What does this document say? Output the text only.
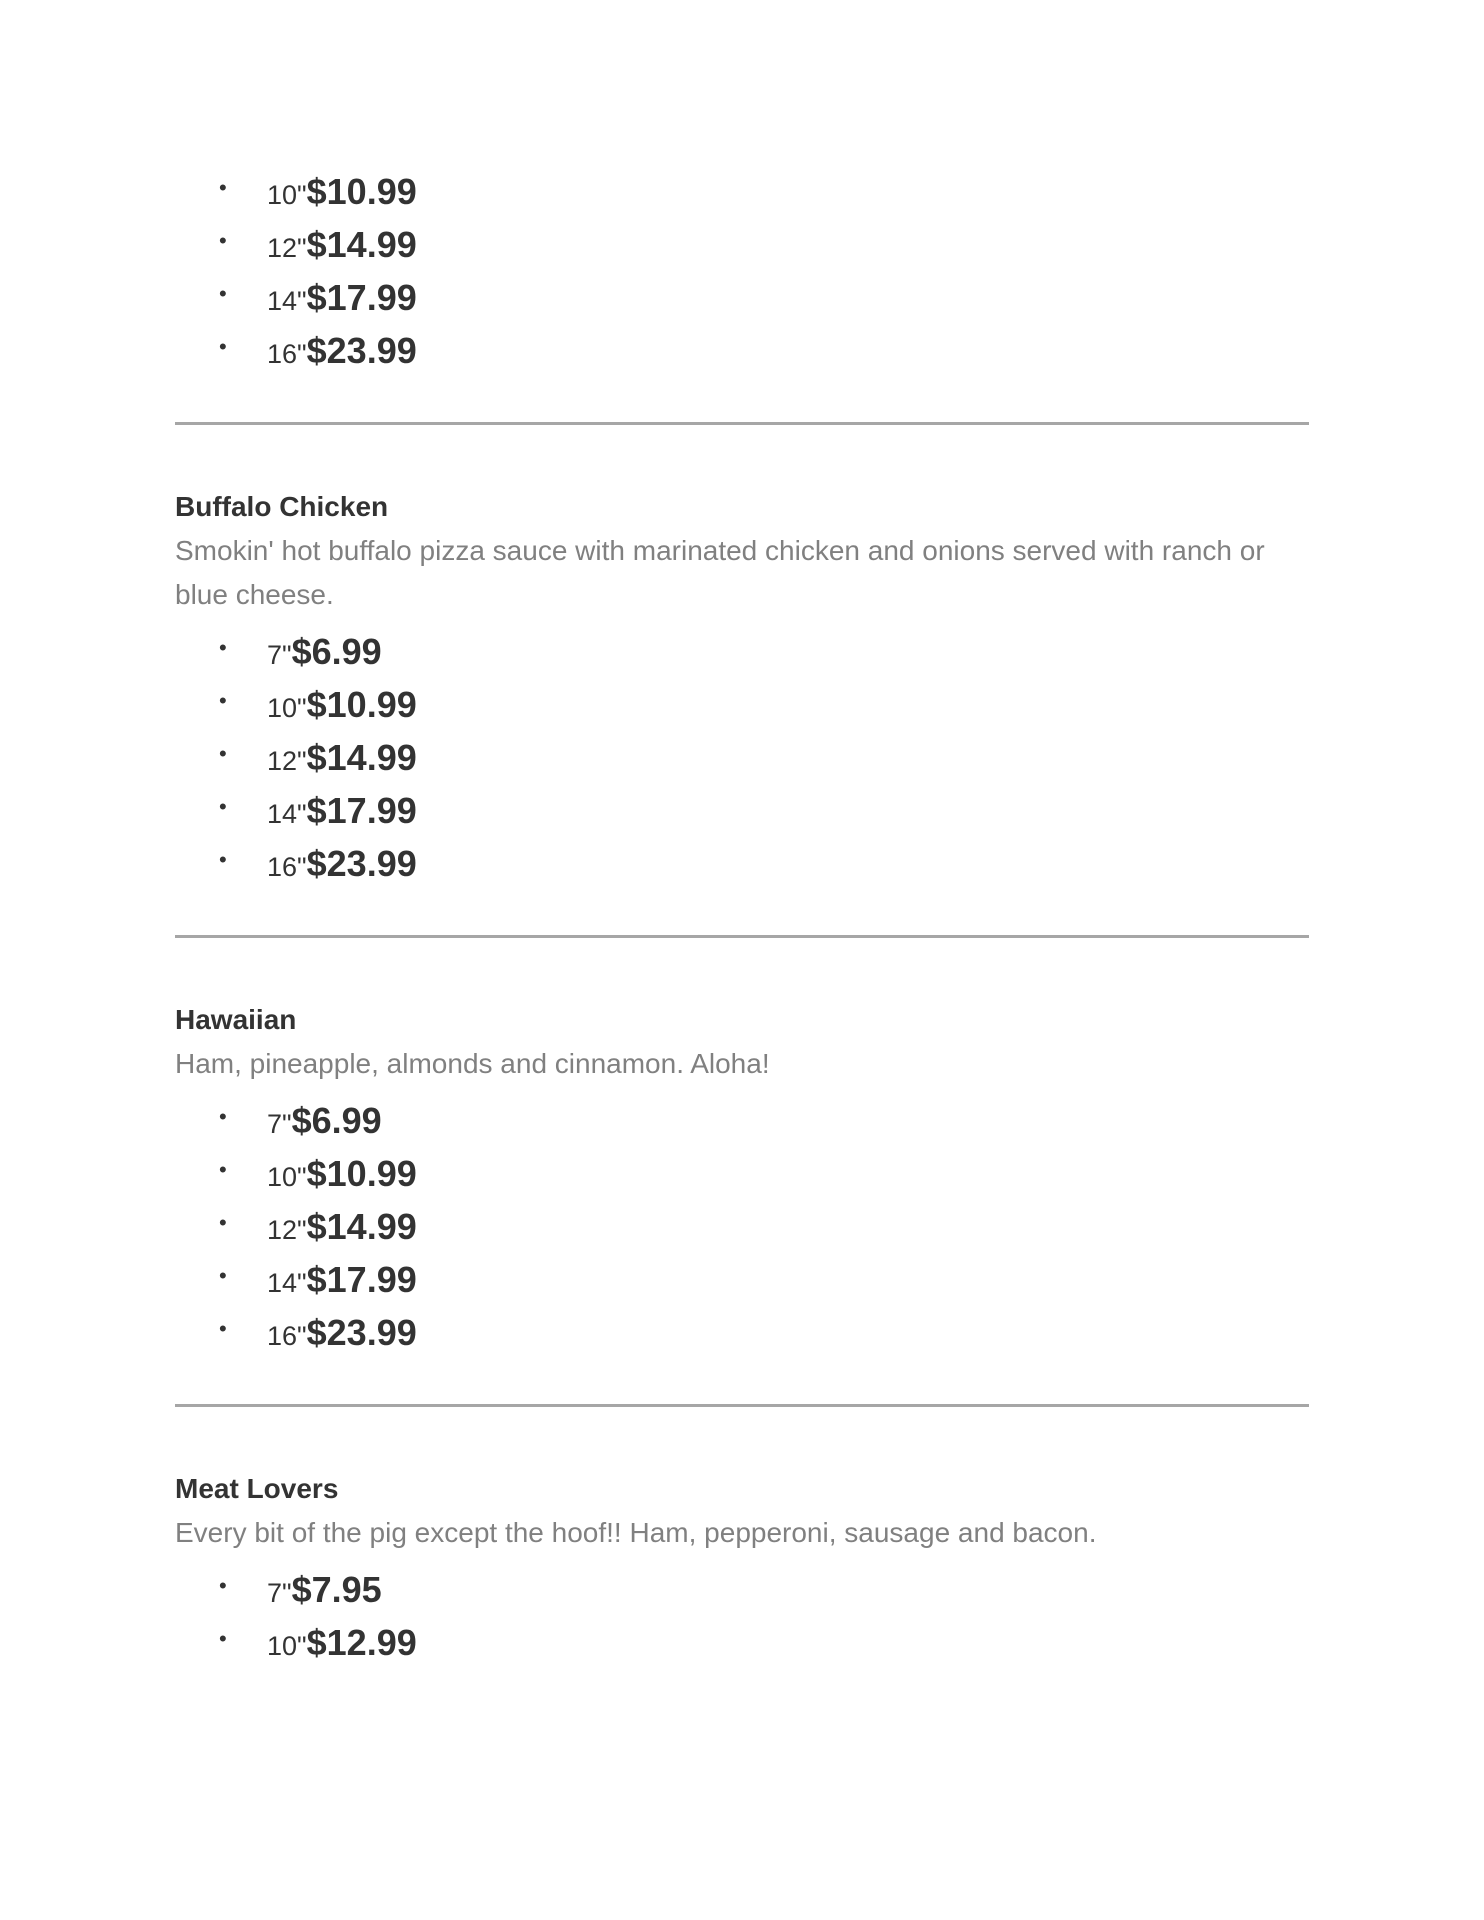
• 10"$10.99
• 12"$14.99
• 14"$17.99
• 16"$23.99
Buffalo Chicken

Smokin' hot buffalo pizza sauce with marinated chicken and onions served with ranch or blue cheese.

• 7"$6.99
• 10"$10.99
• 12"$14.99
• 14"$17.99
• 16"$23.99
Hawaiian

Ham, pineapple, almonds and cinnamon. Aloha!

• 7"$6.99
• 10"$10.99
• 12"$14.99
• 14"$17.99
• 16"$23.99
Meat Lovers

Every bit of the pig except the hoof!! Ham, pepperoni, sausage and bacon.

• 7"$7.95
• 10"$12.99
